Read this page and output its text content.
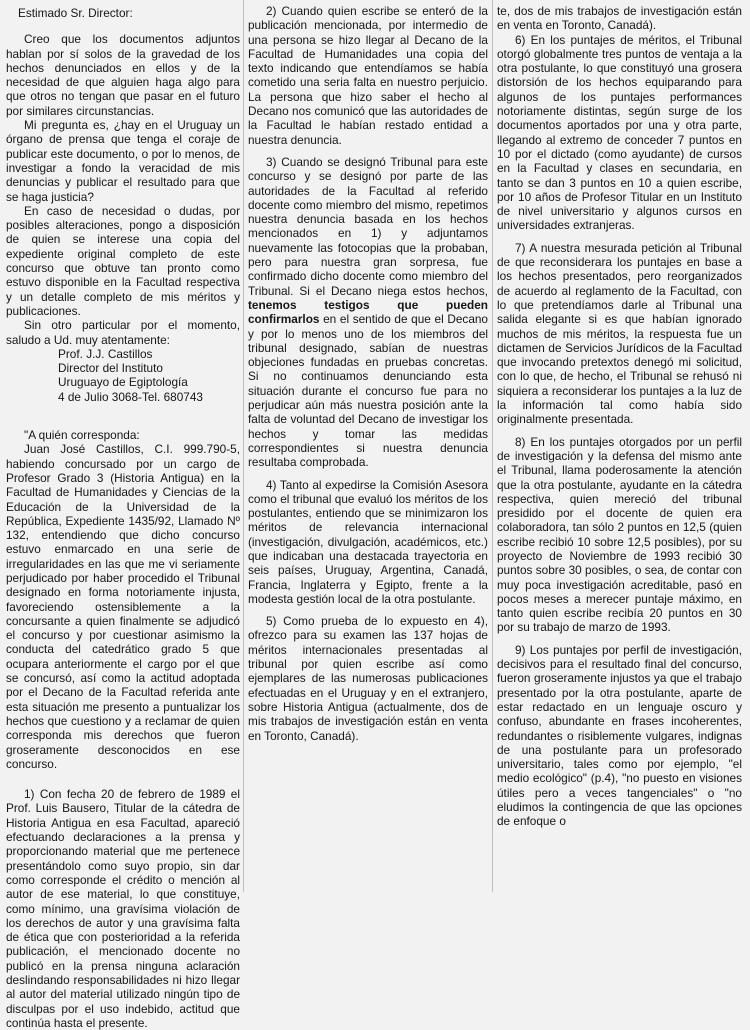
Estimado Sr. Director:

Creo que los documentos adjuntos hablan por sí solos de la gravedad de los hechos denunciados en ellos y de la necesidad de que alguien haga algo para que otros no tengan que pasar en el futuro por similares circunstancias.

Mi pregunta es, ¿hay en el Uruguay un órgano de prensa que tenga el coraje de publicar este documento, o por lo menos, de investigar a fondo la veracidad de mis denuncias y publicar el resultado para que se haga justicia?

En caso de necesidad o dudas, por posibles alteraciones, pongo a disposición de quien se interese una copia del expediente original completo de este concurso que obtuve tan pronto como estuvo disponible en la Facultad respectiva y un detalle completo de mis méritos y publicaciones.

Sin otro particular por el momento, saludo a Ud. muy atentamente:

Prof. J.J. Castillos

Director del Instituto

Uruguayo de Egiptología

4 de Julio 3068-Tel. 680743

"A quién corresponda:

Juan José Castillos, C.I. 999.790-5, habiendo concursado por un cargo de Profesor Grado 3 (Historia Antigua) en la Facultad de Humanidades y Ciencias de la Educación de la Universidad de la República, Expediente 1435/92, Llamado Nº 132, entendiendo que dicho concurso estuvo enmarcado en una serie de irregularidades en las que me vi seriamente perjudicado por haber procedido el Tribunal designado en forma notoriamente injusta, favoreciendo ostensiblemente a la concursante a quien finalmente se adjudicó el concurso y por cuestionar asimismo la conducta del catedrático grado 5 que ocupara anteriormente el cargo por el que se concursó, así como la actitud adoptada por el Decano de la Facultad referida ante esta situación me presento a puntualizar los hechos que cuestiono y a reclamar de quien corresponda mis derechos que fueron groseramente desconocidos en ese concurso.

1) Con fecha 20 de febrero de 1989 el Prof. Luis Bausero, Titular de la cátedra de Historia Antigua en esa Facultad, apareció efectuando declaraciones a la prensa y proporcionando material que me pertenece presentándolo como suyo propio, sin dar como corresponde el crédito o mención al autor de ese material, lo que constituye, como mínimo, una gravísima violación de los derechos de autor y una gravísima falta de ética que con posterioridad a la referida publicación, el mencionado docente no publicó en la prensa ninguna aclaración deslindando responsabilidades ni hizo llegar al autor del material utilizado ningún tipo de disculpas por el uso indebido, actitud que continúa hasta el presente.

2) Cuando quien escribe se enteró de la publicación mencionada, por intermedio de una persona se hizo llegar al Decano de la Facultad de Humanidades una copia del texto indicando que entendíamos se había cometido una seria falta en nuestro perjuicio. La persona que hizo saber el hecho al Decano nos comunicó que las autoridades de la Facultad le habían restado entidad a nuestra denuncia.

3) Cuando se designó Tribunal para este concurso y se designó por parte de las autoridades de la Facultad al referido docente como miembro del mismo, repetimos nuestra denuncia basada en los hechos mencionados en 1) y adjuntamos nuevamente las fotocopias que la probaban, pero para nuestra gran sorpresa, fue confirmado dicho docente como miembro del Tribunal. Si el Decano niega estos hechos, tenemos testigos que pueden confirmarlos en el sentido de que el Decano y por lo menos uno de los miembros del tribunal designado, sabían de nuestras objeciones fundadas en pruebas concretas. Si no continuamos denunciando esta situación durante el concurso fue para no perjudicar aún más nuestra posición ante la falta de voluntad del Decano de investigar los hechos y tomar las medidas correspondientes si nuestra denuncia resultaba comprobada.

4) Tanto al expedirse la Comisión Asesora como el tribunal que evaluó los méritos de los postulantes, entiendo que se minimizaron los méritos de relevancia internacional (investigación, divulgación, académicos, etc.) que indicaban una destacada trayectoria en seis países, Uruguay, Argentina, Canadá, Francia, Inglaterra y Egipto, frente a la modesta gestión local de la otra postulante.

5) Como prueba de lo expuesto en 4), ofrezco para su examen las 137 hojas de méritos internacionales presentadas al tribunal por quien escribe así como ejemplares de las numerosas publicaciones efectuadas en el Uruguay y en el extranjero, sobre Historia Antigua (actualmente, dos de mis trabajos de investigación están en venta en Toronto, Canadá).

te, dos de mis trabajos de investigación están en venta en Toronto, Canadá).

6) En los puntajes de méritos, el Tribunal otorgó globalmente tres puntos de ventaja a la otra postulante, lo que constituyó una grosera distorsión de los hechos equiparando para algunos de los puntajes performances notoriamente distintas, según surge de los documentos aportados por una y otra parte, llegando al extremo de conceder 7 puntos en 10 por el dictado (como ayudante) de cursos en la Facultad y clases en secundaria, en tanto se dan 3 puntos en 10 a quien escribe, por 10 años de Profesor Titular en un Instituto de nivel universitario y algunos cursos en universidades extranjeras.

7) A nuestra mesurada petición al Tribunal de que reconsiderara los puntajes en base a los hechos presentados, pero reorganizados de acuerdo al reglamento de la Facultad, con lo que pretendíamos darle al Tribunal una salida elegante si es que habían ignorado muchos de mis méritos, la respuesta fue un dictamen de Servicios Jurídicos de la Facultad que invocando pretextos denegó mi solicitud, con lo que, de hecho, el Tribunal se rehusó ni siquiera a reconsiderar los puntajes a la luz de la información tal como había sido originalmente presentada.

8) En los puntajes otorgados por un perfil de investigación y la defensa del mismo ante el Tribunal, llama poderosamente la atención que la otra postulante, ayudante en la cátedra respectiva, quien mereció del tribunal presidido por el docente de quien era colaboradora, tan sólo 2 puntos en 12,5 (quien escribe recibió 10 sobre 12,5 posibles), por su proyecto de Noviembre de 1993 recibió 30 puntos sobre 30 posibles, o sea, de contar con muy poca investigación acreditable, pasó en pocos meses a merecer puntaje máximo, en tanto quien escribe recibía 20 puntos en 30 por su trabajo de marzo de 1993.

9) Los puntajes por perfil de investigación, decisivos para el resultado final del concurso, fueron groseramente injustos ya que el trabajo presentado por la otra postulante, aparte de estar redactado en un lenguaje oscuro y confuso, abundante en frases incoherentes, redundantes o risiblemente vulgares, indignas de una postulante para un profesorado universitario, tales como por ejemplo, "el medio ecológico" (p.4), "no puesto en visiones útiles pero a veces tangenciales" o "no eludimos la contingencia de que las opciones de enfoque o
